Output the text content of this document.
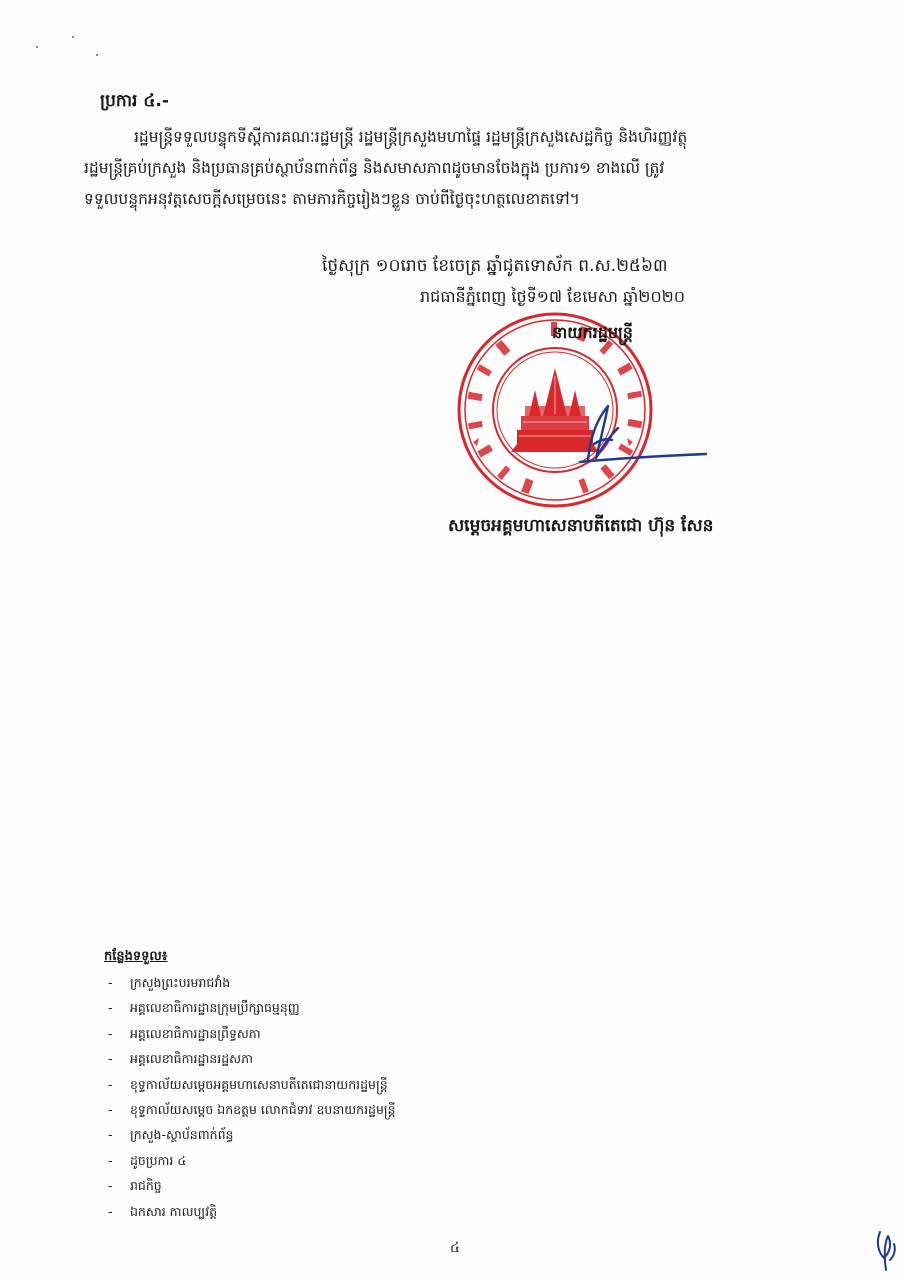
ប្រការ ៤.-
រដ្ឋមន្ត្រីទទួលបន្ទុកទីស្តីការគណៈរដ្ឋមន្ត្រី រដ្ឋមន្ត្រីក្រសួងមហាផ្ទៃ រដ្ឋមន្ត្រីក្រសួងសេដ្ឋកិច្ច និងហិរញ្ញវត្ថុ
រដ្ឋមន្ត្រីគ្រប់ក្រសួង និងប្រធានគ្រប់ស្ថាប័នពាក់ព័ន្ធ និងសមាសភាពដូចមានចែងក្នុង ប្រការ១ ខាងលើ ត្រូវ
ទទួលបន្ទុកអនុវត្តសេចក្តីសម្រេចនេះ តាមភារកិច្ចរៀងៗខ្លួន ចាប់ពីថ្ងៃចុះហត្ថលេខាតទៅ។
ថ្ងៃសុក្រ ១០រោច ខែចេត្រ ឆ្នាំជូតទោស័ក ព.ស.២៥៦៣
រាជធានីភ្នំពេញ ថ្ងៃទី១៧ ខែមេសា ឆ្នាំ២០២០
នាយករដ្ឋមន្ត្រី
សម្តេចអគ្គមហាសេនាបតីតេជោ ហ៊ុន សែន
កន្លែងទទួល៖
- ក្រសួងព្រះបរមរាជវាំង
- អគ្គលេខាធិការដ្ឋានក្រុមប្រឹក្សាធម្មនុញ្ញ
- អគ្គលេខាធិការដ្ឋានព្រឹទ្ធសភា
- អគ្គលេខាធិការដ្ឋានរដ្ឋសភា
- ខុទ្ទកាល័យសម្តេចអគ្គមហាសេនាបតីតេជោនាយករដ្ឋមន្ត្រី
- ខុទ្ទកាល័យសម្តេច ឯកឧត្តម លោកជំទាវ ឧបនាយករដ្ឋមន្ត្រី
- ក្រសួង-ស្ថាប័នពាក់ព័ន្ធ
- ដូចប្រការ ៤
- រាជកិច្ច
- ឯកសារ កាលប្បវត្តិ
៤
